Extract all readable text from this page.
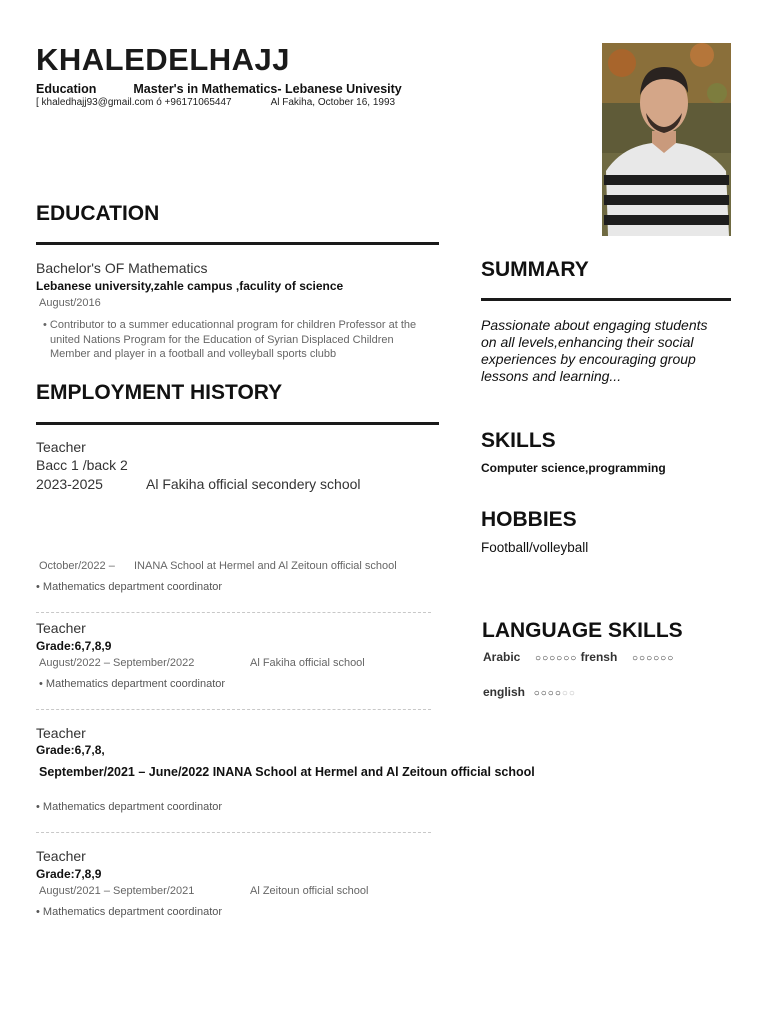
KHALEDELHAJJ
Education	Master's in Mathematics- Lebanese Univesity
[ khaledhajj93@gmail.com ó +96171065447	Al Fakiha, October 16, 1993
EDUCATION
Bachelor's OF Mathematics
Lebanese university,zahle campus ,faculity of science
August/2016
• Contributor to a summer educationnal program for children Professor at the united Nations Program for the Education of Syrian Displaced Children Member and player in a football and volleyball sports clubb
EMPLOYMENT HISTORY
Teacher
Bacc 1 /back 2
2023-2025	Al Fakiha official secondery school
October/2022 – INANA School at Hermel and Al Zeitoun official school
• Mathematics department coordinator
Teacher
Grade:6,7,8,9
August/2022 – September/2022	Al Fakiha official school
• Mathematics department coordinator
Teacher
Grade:6,7,8,
September/2021 – June/2022 INANA School at Hermel and Al Zeitoun official school
• Mathematics department coordinator
Teacher
Grade:7,8,9
August/2021 – September/2021	Al Zeitoun official school
• Mathematics department coordinator
SUMMARY
Passionate about engaging students on all levels,enhancing their social experiences by encouraging group lessons and learning...
SKILLS
Computer science,programming
HOBBIES
Football/volleyball
LANGUAGE SKILLS
Arabic ○○○○○○ frensh ○○○○○○
english ○○○○○○
